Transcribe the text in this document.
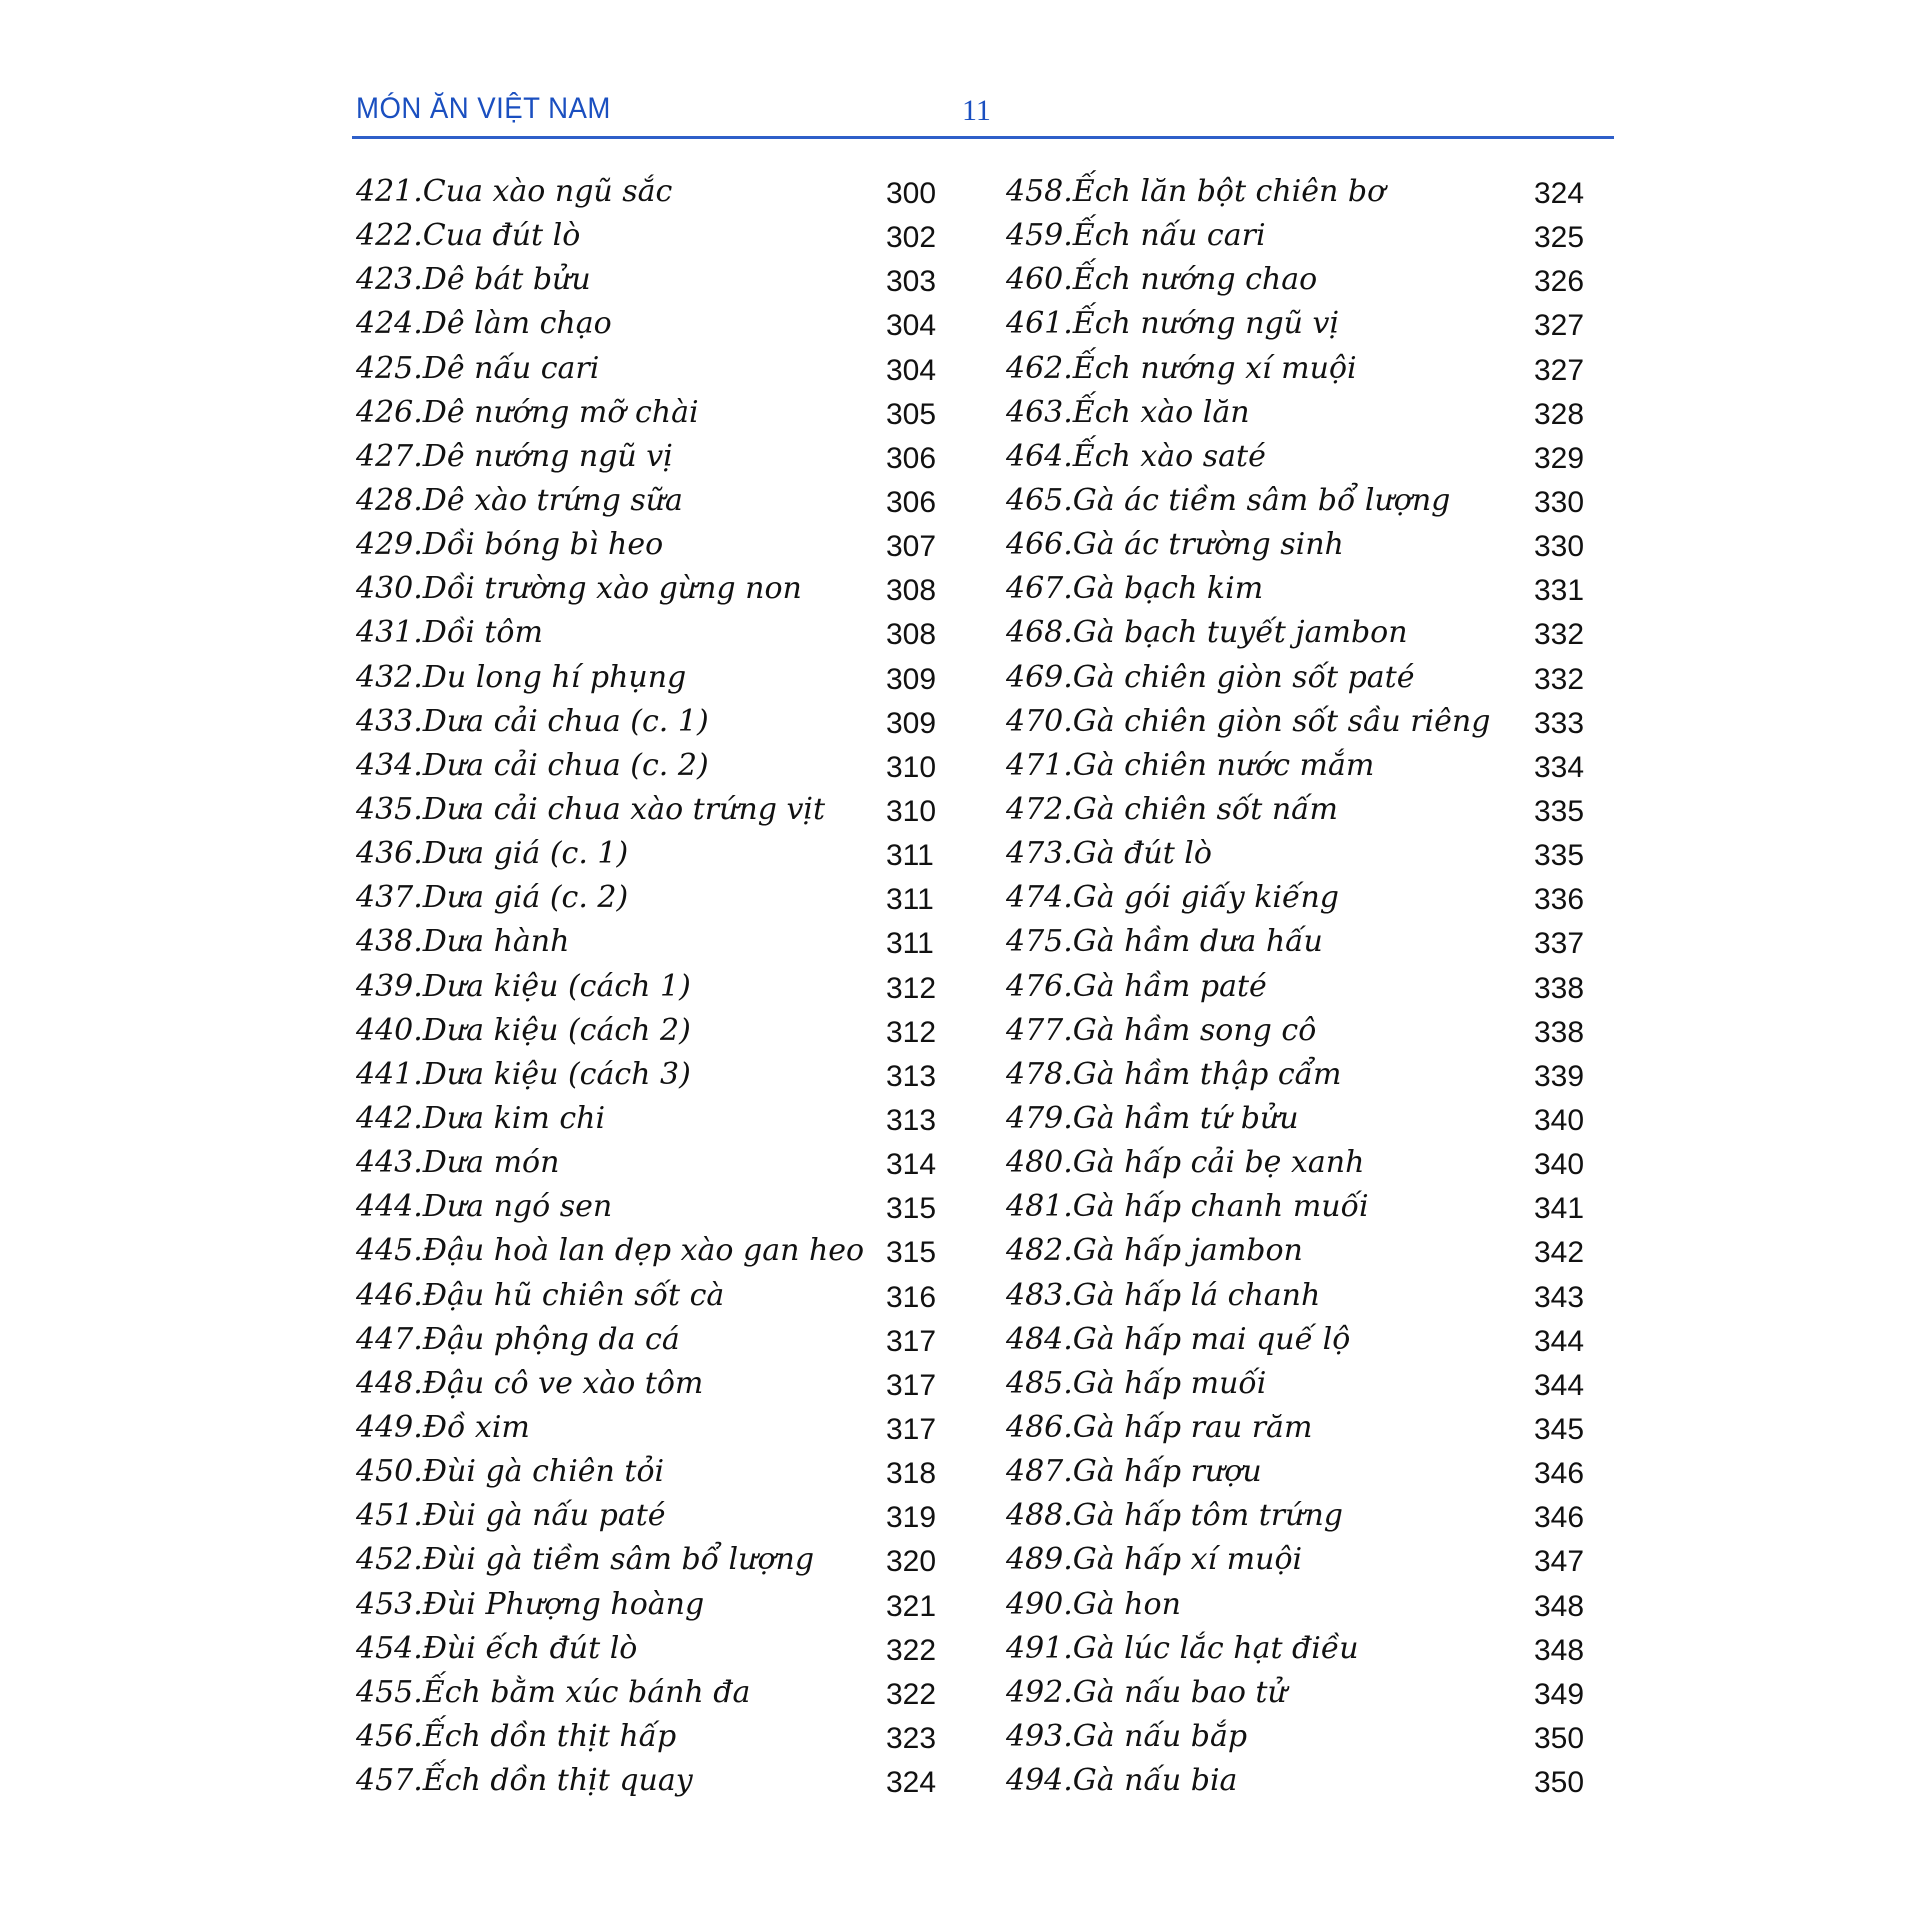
MÓN ĂN VIỆT NAM	11
421.Cua xào ngũ sắc	300
422.Cua đút lò	302
423.Dê bát bửu	303
424.Dê làm chạo	304
425.Dê nấu cari	304
426.Dê nướng mỡ chài	305
427.Dê nướng ngũ vị	306
428.Dê xào trứng sữa	306
429.Dồi bóng bì heo	307
430.Dồi trường xào gừng non	308
431.Dồi tôm	308
432.Du long hí phụng	309
433.Dưa cải chua (c. 1)	309
434.Dưa cải chua (c. 2)	310
435.Dưa cải chua xào trứng vịt 310
436.Dưa giá (c. 1)	311
437.Dưa giá (c. 2)	311
438.Dưa hành	311
439.Dưa kiệu (cách 1)	312
440.Dưa kiệu (cách 2)	312
441.Dưa kiệu (cách 3)	313
442.Dưa kim chi	313
443.Dưa món	314
444.Dưa ngó sen	315
445.Đậu hoà lan dẹp xào gan heo 315
446.Đậu hũ chiên sốt cà	316
447.Đậu phộng da cá	317
448.Đậu cô ve xào tôm	317
449.Đồ xim	317
450.Đùi gà chiên tỏi	318
451.Đùi gà nấu paté	319
452.Đùi gà tiềm sâm bổ lượng 320
453.Đùi Phượng hoàng	321
454.Đùi ếch đút lò	322
455.Ếch bằm xúc bánh đa	322
456.Ếch dồn thịt hấp	323
457.Ếch dồn thịt quay	324
458.Ếch lăn bột chiên bơ	324
459.Ếch nấu cari	325
460.Ếch nướng chao	326
461.Ếch nướng ngũ vị	327
462.Ếch nướng xí muội	327
463.Ếch xào lăn	328
464.Ếch xào saté	329
465.Gà ác tiềm sâm bổ lượng	330
466.Gà ác trường sinh	330
467.Gà bạch kim	331
468.Gà bạch tuyết jambon	332
469.Gà chiên giòn sốt paté	332
470.Gà chiên giòn sốt sầu riêng 333
471.Gà chiên nước mắm	334
472.Gà chiên sốt nấm	335
473.Gà đút lò	335
474.Gà gói giấy kiếng	336
475.Gà hầm dưa hấu	337
476.Gà hầm paté	338
477.Gà hầm song cô	338
478.Gà hầm thập cẩm	339
479.Gà hầm tứ bửu	340
480.Gà hấp cải bẹ xanh	340
481.Gà hấp chanh muối	341
482.Gà hấp jambon	342
483.Gà hấp lá chanh	343
484.Gà hấp mai quế lộ	344
485.Gà hấp muối	344
486.Gà hấp rau răm	345
487.Gà hấp rượu	346
488.Gà hấp tôm trứng	346
489.Gà hấp xí muội	347
490.Gà hon	348
491.Gà lúc lắc hạt điều	348
492.Gà nấu bao tử	349
493.Gà nấu bắp	350
494.Gà nấu bia	350
